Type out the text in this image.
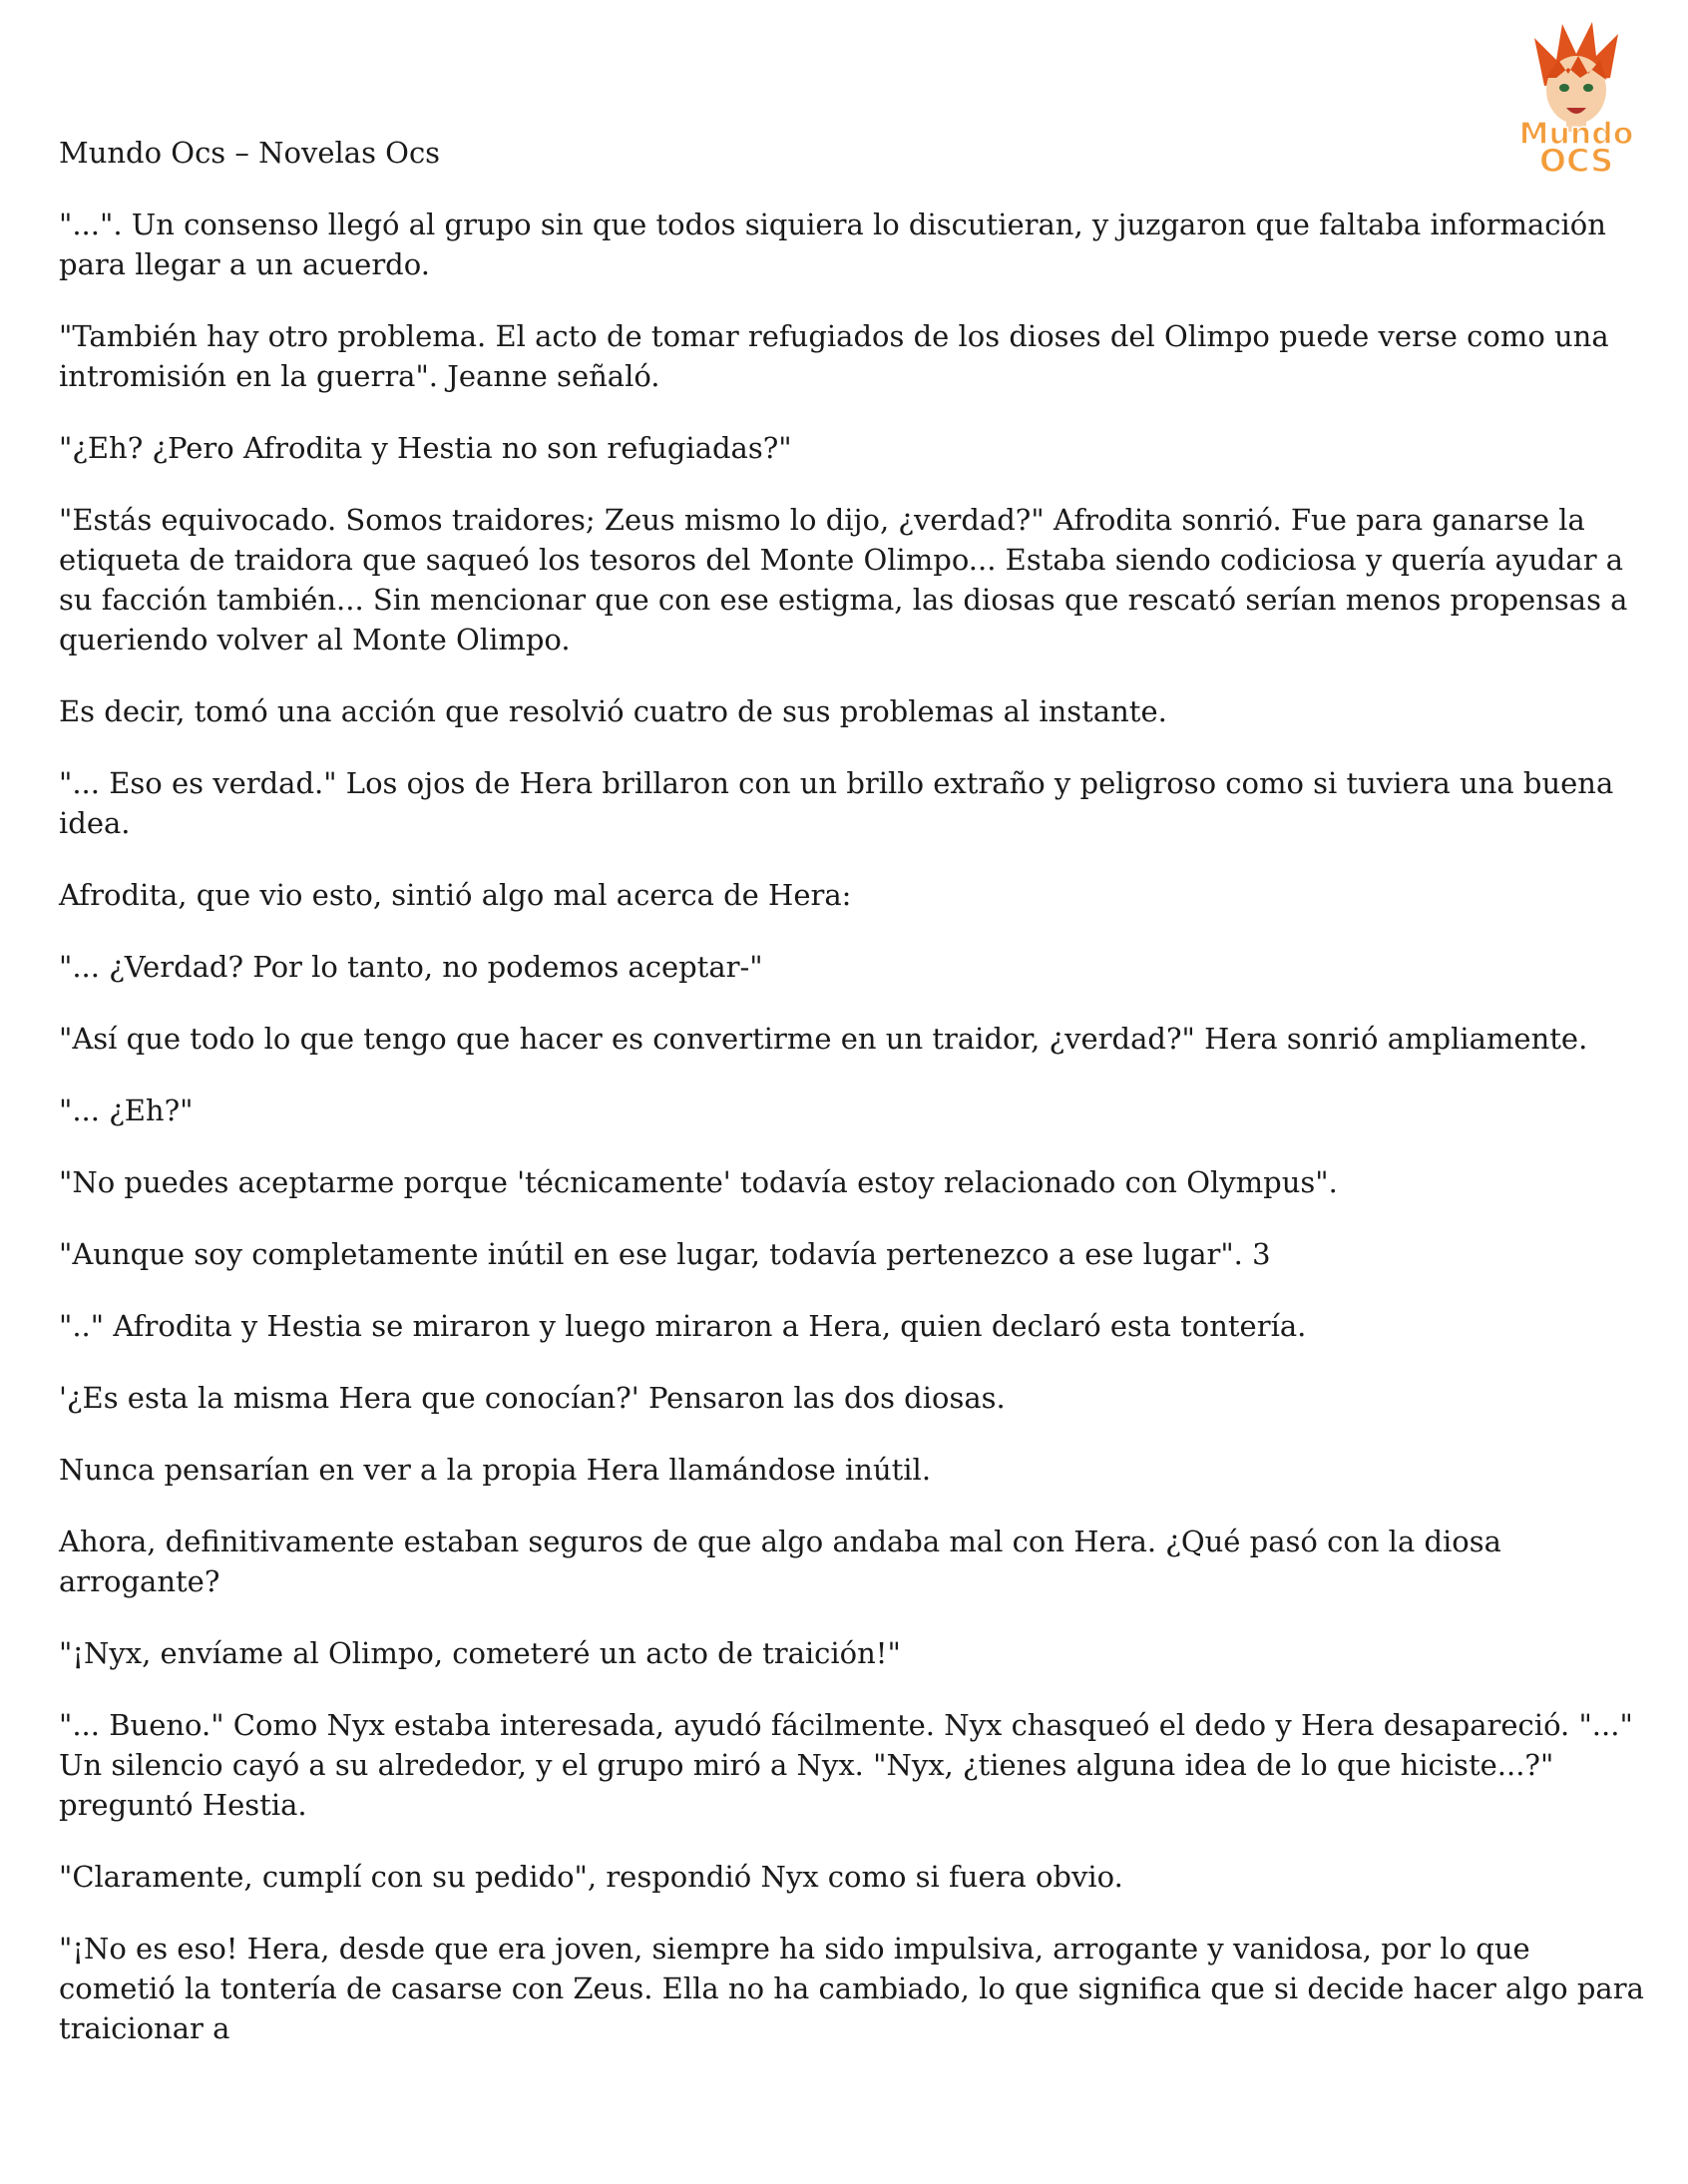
Mundo Ocs – Novelas Ocs
Mundo
OCS

"...". Un consenso llegó al grupo sin que todos siquiera lo discutieran, y juzgaron que faltaba información para llegar a un acuerdo.

"También hay otro problema. El acto de tomar refugiados de los dioses del Olimpo puede verse como una intromisión en la guerra". Jeanne señaló.

"¿Eh? ¿Pero Afrodita y Hestia no son refugiadas?"

"Estás equivocado. Somos traidores; Zeus mismo lo dijo, ¿verdad?" Afrodita sonrió. Fue para ganarse la etiqueta de traidora que saqueó los tesoros del Monte Olimpo... Estaba siendo codiciosa y quería ayudar a su facción también... Sin mencionar que con ese estigma, las diosas que rescató serían menos propensas a queriendo volver al Monte Olimpo.

Es decir, tomó una acción que resolvió cuatro de sus problemas al instante.

"... Eso es verdad." Los ojos de Hera brillaron con un brillo extraño y peligroso como si tuviera una buena idea.

Afrodita, que vio esto, sintió algo mal acerca de Hera:

"... ¿Verdad? Por lo tanto, no podemos aceptar-"

"Así que todo lo que tengo que hacer es convertirme en un traidor, ¿verdad?" Hera sonrió ampliamente.

"... ¿Eh?"

"No puedes aceptarme porque 'técnicamente' todavía estoy relacionado con Olympus".

"Aunque soy completamente inútil en ese lugar, todavía pertenezco a ese lugar". 3

".." Afrodita y Hestia se miraron y luego miraron a Hera, quien declaró esta tontería.

'¿Es esta la misma Hera que conocían?' Pensaron las dos diosas.

Nunca pensarían en ver a la propia Hera llamándose inútil.

Ahora, definitivamente estaban seguros de que algo andaba mal con Hera. ¿Qué pasó con la diosa arrogante?

"¡Nyx, envíame al Olimpo, cometeré un acto de traición!"

"... Bueno." Como Nyx estaba interesada, ayudó fácilmente. Nyx chasqueó el dedo y Hera desapareció. "..." Un silencio cayó a su alrededor, y el grupo miró a Nyx. "Nyx, ¿tienes alguna idea de lo que hiciste...?" preguntó Hestia.

"Claramente, cumplí con su pedido", respondió Nyx como si fuera obvio.

"¡No es eso! Hera, desde que era joven, siempre ha sido impulsiva, arrogante y vanidosa, por lo que cometió la tontería de casarse con Zeus. Ella no ha cambiado, lo que significa que si decide hacer algo para traicionar a
